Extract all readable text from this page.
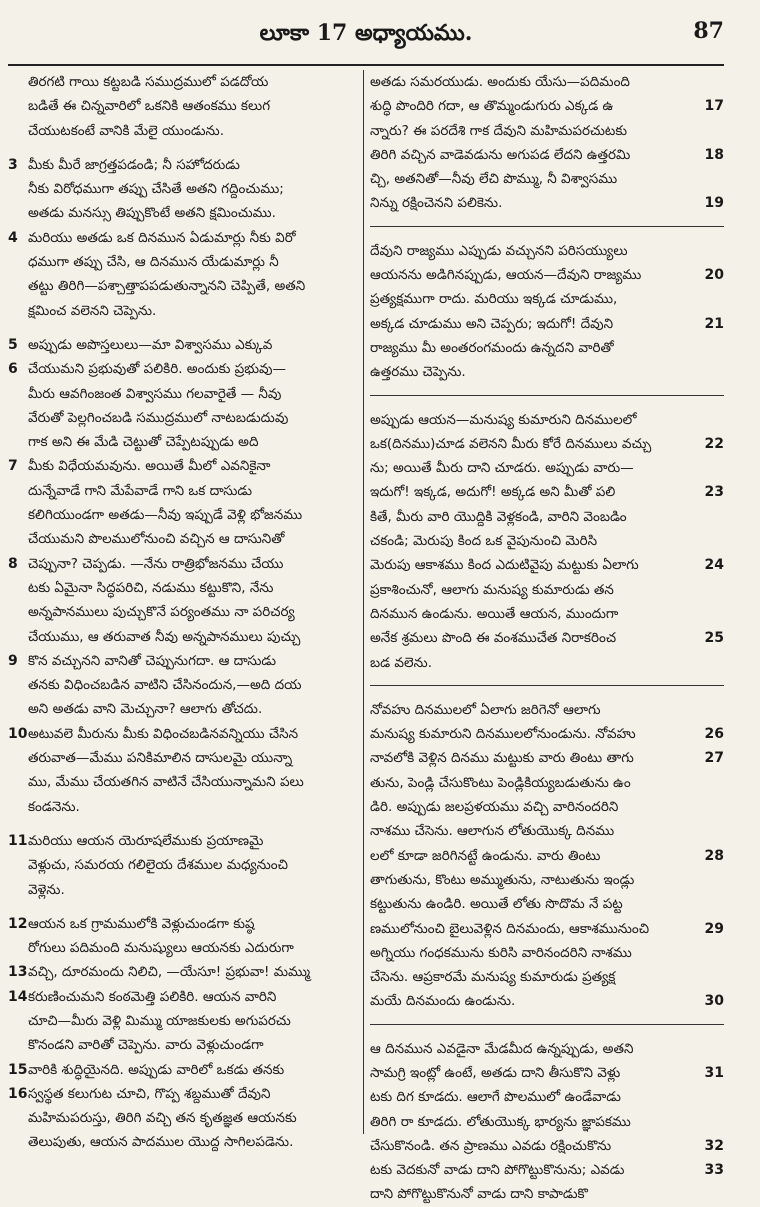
లూకా 17 అధ్యాయము.	87
తిరగటి గాయి కట్టబడి సముద్రములో పడదోయ
బడితే ఈ చిన్నవారిలో ఒకనికి ఆతంకము కలుగ
చేయుటకంటే వానికి మేలై యుండును.
3 మీకు మీరే జాగ్రత్తపడండి; నీ సహోదరుడు
నీకు విరోధముగా తప్పు చేసితే అతని గద్దించుము;
అతడు మనస్సు తిప్పుకొంటే అతని క్షమించుము.
4 మరియు అతడు ఒక దినమున ఏడుమార్లు నీకు విరో
ధముగా తప్పు చేసి, ఆ దినమున యేడుమార్లు నీ
తట్టు తిరిగి—పశ్చాత్తాపపడుతున్నానని చెప్పితే, అతని
క్షమించ వలెనని చెప్పెను.
5 అప్పుడు అపొస్తలులు—మా విశ్వాసము ఎక్కువ
6 చేయుమని ప్రభువుతో పలికిరి. అందుకు ప్రభువు—
మీరు ఆవగింజంత విశ్వాసము గలవారైతే — నీవు
వేరుతో పెల్లగించబడి సముద్రములో నాటబడుదువు
గాక అని ఈ మేడి చెట్టుతో చెప్పేటప్పుడు అది
7 మీకు విధేయమవును. అయితే మీలో ఎవనికైనా
దున్నేవాడే గాని మేపేవాడే గాని ఒక దాసుడు
కలిగియుండగా అతడు—నీవు ఇప్పుడే వెళ్లి భోజనము
చేయుమని పొలములోనుంచి వచ్చిన ఆ దాసునితో
8 చెప్పునా? చెప్పడు. —నేను రాత్రిభోజనము చేయు
టకు ఏమైనా సిద్ధపరిచి, నడుము కట్టుకొని, నేను
అన్నపానములు పుచ్చుకొనే పర్యంతము నా పరిచర్య
చేయుము, ఆ తరువాత నీవు అన్నపానములు పుచ్చు
9 కొన వచ్చునని వానితో చెప్పునుగదా. ఆ దాసుడు
తనకు విధించబడిన వాటిని చేసినందున,—అది దయ
అని అతడు వాని మెచ్చునా? ఆలాగు తోచదు.
10 అటువలె మీరును మీకు విధించబడినవన్నియు చేసిన
తరువాత—మేము పనికిమాలిన దాసులమై యున్నా
ము, మేము చేయతగిన వాటినే చేసియున్నామని పలు
కండనెను.
11 మరియు ఆయన యెరూషలేముకు ప్రయాణమై
వెళ్లుచు, సమరయ గలిలైయ దేశముల మధ్యనుంచి
వెళ్లెను.
12 ఆయన ఒక గ్రామములోకి వెళ్లుచుండగా కుష్ఠ
రోగులు పదిమంది మనుష్యులు ఆయనకు ఎదురుగా
13 వచ్చి, దూరమందు నిలిచి, —యేసూ! ప్రభువా! మమ్ము
14 కరుణించుమని కంఠమెత్తి పలికిరి. ఆయన వారిని
చూచి—మీరు వెళ్లి మిమ్ము యాజకులకు అగుపరచు
కొనండని వారితో చెప్పెను. వారు వెళ్లుచుండగా
15 వారికి శుద్ధియైనది. అప్పుడు వారిలో ఒకడు తనకు
16 స్వస్థత కలుగుట చూచి, గొప్ప శబ్దముతో దేవుని
మహిమపరుస్తు, తిరిగి వచ్చి తన కృతజ్ఞత ఆయనకు
తెలుపుతు, ఆయన పాదముల యొద్ద సాగిలపడెను.
అతడు సమరయుడు. అందుకు యేసు—పదిమంది
17
శుద్ధి పొందిరి గదా, ఆ తొమ్మండుగురు ఎక్కడ ఉ
న్నారు? ఈ పరదేశి గాక దేవుని మహిమపరచుటకు
18
తిరిగి వచ్చిన వాడెవడును అగుపడ లేదని ఉత్తరమి
చ్చి, అతనితో—నీవు లేచి పొమ్ము, నీ విశ్వాసము
19
నిన్ను రక్షించెనని పలికెను.
దేవుని రాజ్యము ఎప్పుడు వచ్చునని పరిసయ్యులు
20
ఆయనను అడిగినప్పుడు, ఆయన—దేవుని రాజ్యము
ప్రత్యక్షముగా రాదు. మరియు ఇక్కడ చూడుము,
21
అక్కడ చూడుము అని చెప్పరు; ఇదుగో! దేవుని
రాజ్యము మీ అంతరంగమందు ఉన్నదని వారితో
ఉత్తరము చెప్పెను.
అప్పుడు ఆయన—మనుష్య కుమారుని దినములలో
22
ఒక(దినము)చూడ వలెనని మీరు కోరే దినములు వచ్చు
ను; అయితే మీరు దాని చూడరు. అప్పుడు వారు—
23
ఇదుగో! ఇక్కడ, అదుగో! అక్కడ అని మీతో పలి
కితే, మీరు వారి యొద్దికి వెళ్లకండి, వారిని వెంబడిం
చకండి; మెరుపు కింద ఒక వైపునుంచి మెరిసి
24
మెరుపు ఆకాశము కింద ఎదుటివైపు మట్టుకు ఏలాగు
ప్రకాశించునో, ఆలాగు మనుష్య కుమారుడు తన
దినమున ఉండును. అయితే ఆయన, ముందుగా
25
అనేక శ్రమలు పొంది ఈ వంశముచేత నిరాకరించ
బడ వలెను.
నోవహు దినములలో ఏలాగు జరిగెనో ఆలాగు
26
మనుష్య కుమారుని దినములలోనుండును. నోవహు
27
నావలోకి వెళ్లిన దినము మట్టుకు వారు తింటు తాగు
తును, పెండ్లి చేసుకొంటు పెండ్లికియ్యబడుతును ఉం
డిరి. అప్పుడు జలప్రళయము వచ్చి వారినందరిని
నాశము చేసెను. ఆలాగున లోతుయొక్క దినము
28
లలో కూడా జరిగినట్టే ఉండును. వారు తింటు
తాగుతును, కొంటు అమ్ముతును, నాటుతును ఇండ్లు
కట్టుతును ఉండిరి. అయితే లోతు సొదొమ నే పట్ట
29
ణములోనుంచి బైలువెళ్లిన దినమందు, ఆకాశమునుంచి
అగ్నియు గంధకమును కురిసి వారినందరిని నాశము
చేసెను. ఆప్రకారమే మనుష్య కుమారుడు ప్రత్యక్ష
30
మయే దినమందు ఉండును.
ఆ దినమున ఎవడైనా మేడమీద ఉన్నప్పుడు, అతని
31
సామగ్రి ఇంట్లో ఉంటే, అతడు దాని తీసుకొని వెళ్లు
టకు దిగ కూడదు. ఆలాగే పొలములో ఉండేవాడు
తిరిగి రా కూడదు. లోతుయొక్క భార్యను జ్ఞాపకము
32
చేసుకొనండి. తన ప్రాణము ఎవడు రక్షించుకొను
33
టకు వెదకునో వాడు దాని పోగొట్టుకొనును; ఎవడు
దాని పోగొట్టుకొనునో వాడు దాని కాపాడుకొ
